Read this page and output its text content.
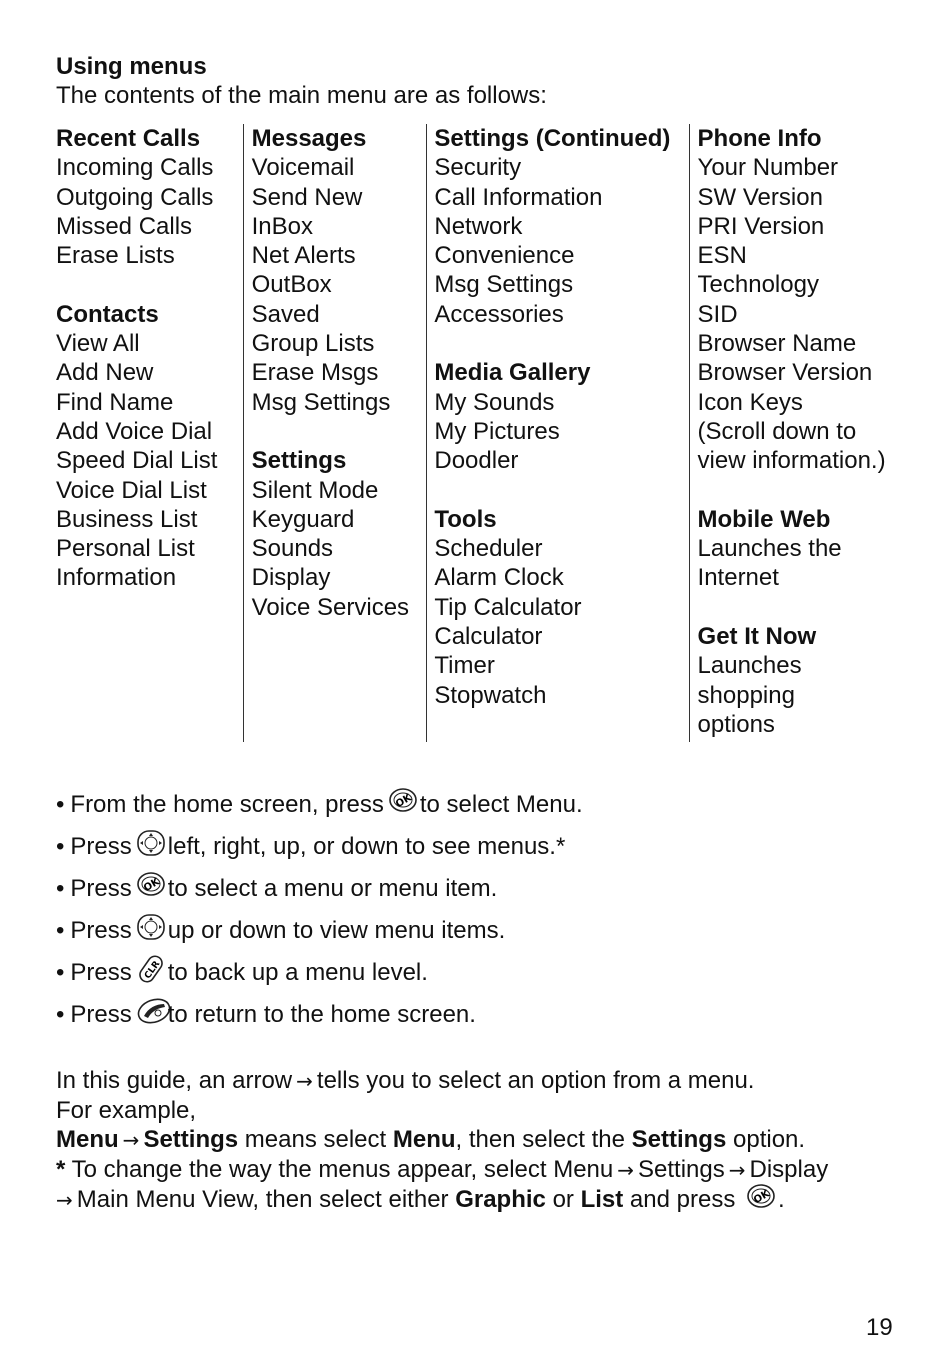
Using menus
The contents of the main menu are as follows:
Recent Calls
Incoming Calls
Outgoing Calls
Missed Calls
Erase Lists
Contacts
View All
Add New
Find Name
Add Voice Dial
Speed Dial List
Voice Dial List
Business List
Personal List
Information
Messages
Voicemail
Send New
InBox
Net Alerts
OutBox
Saved
Group Lists
Erase Msgs
Msg Settings
Settings
Silent Mode
Keyguard
Sounds
Display
Voice Services
Settings (Continued)
Security
Call Information
Network
Convenience
Msg Settings
Accessories
Media Gallery
My Sounds
My Pictures
Doodler
Tools
Scheduler
Alarm Clock
Tip Calculator
Calculator
Timer
Stopwatch
Phone Info
Your Number
SW Version
PRI Version
ESN
Technology
SID
Browser Name
Browser Version
Icon Keys
(Scroll down to
view information.)
Mobile Web
Launches the
Internet
Get It Now
Launches
shopping
options
• From the home screen, press OK to select Menu.
• Press left, right, up, or down to see menus.*
• Press OK to select a menu or menu item.
• Press up or down to view menu items.
• Press CLR to back up a menu level.
• Press to return to the home screen.
In this guide, an arrow → tells you to select an option from a menu.
For example,
Menu → Settings means select Menu, then select the Settings option.
* To change the way the menus appear, select Menu → Settings → Display
→ Main Menu View, then select either Graphic or List and press OK .
19
